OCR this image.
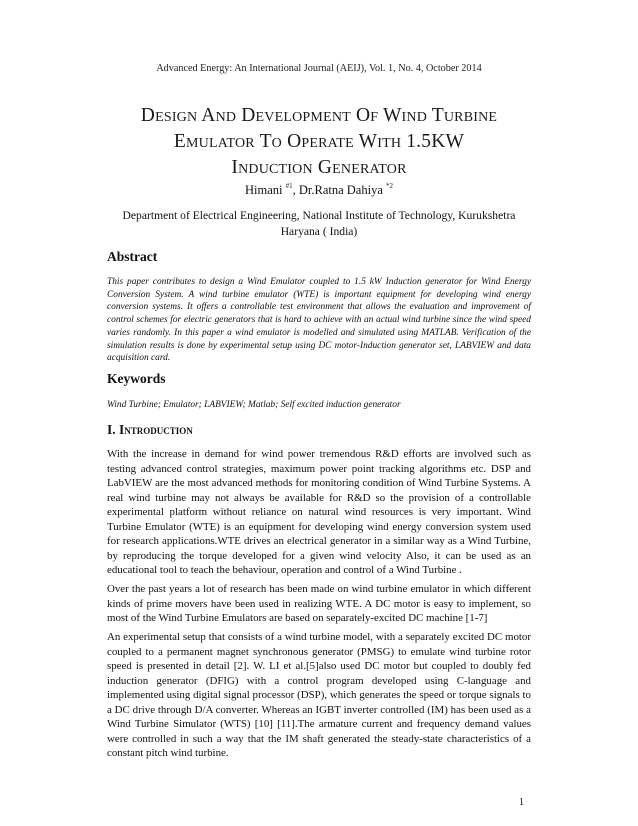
Advanced Energy: An International Journal (AEIJ), Vol. 1, No. 4, October 2014
Design And Development Of Wind Turbine
Emulator To Operate With 1.5KW
Induction Generator
Himani $^{\#1}$, Dr.Ratna Dahiya $^{*2}$
Department of Electrical Engineering, National Institute of Technology, Kurukshetra
Haryana ( India)
Abstract

This paper contributes to design a Wind Emulator coupled to 1.5 kW Induction generator for Wind Energy Conversion System. A wind turbine emulator (WTE) is important equipment for developing wind energy conversion systems. It offers a controllable test environment that allows the evaluation and improvement of control schemes for electric generators that is hard to achieve with an actual wind turbine since the wind speed varies randomly. In this paper a wind emulator is modelled and simulated using MATLAB. Verification of the simulation results is done by experimental setup using DC motor-Induction generator set, LABVIEW and data acquisition card.

Keywords

Wind Turbine; Emulator; LABVIEW; Matlab; Self excited induction generator

I. Introduction

With the increase in demand for wind power tremendous R&D efforts are involved such as testing advanced control strategies, maximum power point tracking algorithms etc. DSP and LabVIEW are the most advanced methods for monitoring condition of Wind Turbine Systems. A real wind turbine may not always be available for R&D so the provision of a controllable experimental platform without reliance on natural wind resources is very important. Wind Turbine Emulator (WTE) is an equipment for developing wind energy conversion system used for research applications.WTE drives an electrical generator in a similar way as a Wind Turbine, by reproducing the torque developed for a given wind velocity Also, it can be used as an educational tool to teach the behaviour, operation and control of a Wind Turbine .

Over the past years a lot of research has been made on wind turbine emulator in which different kinds of prime movers have been used in realizing WTE. A DC motor is easy to implement, so most of the Wind Turbine Emulators are based on separately-excited DC machine [1-7]

An experimental setup that consists of a wind turbine model, with a separately excited DC motor coupled to a permanent magnet synchronous generator (PMSG) to emulate wind turbine rotor speed is presented in detail [2]. W. LI et al.[5]also used DC motor but coupled to doubly fed induction generator (DFIG) with a control program developed using C-language and implemented using digital signal processor (DSP), which generates the speed or torque signals to a DC drive through D/A converter. Whereas an IGBT inverter controlled (IM) has been used as a Wind Turbine Simulator (WTS) [10] [11].The armature current and frequency demand values were controlled in such a way that the IM shaft generated the steady-state characteristics of a constant pitch wind turbine.

1
